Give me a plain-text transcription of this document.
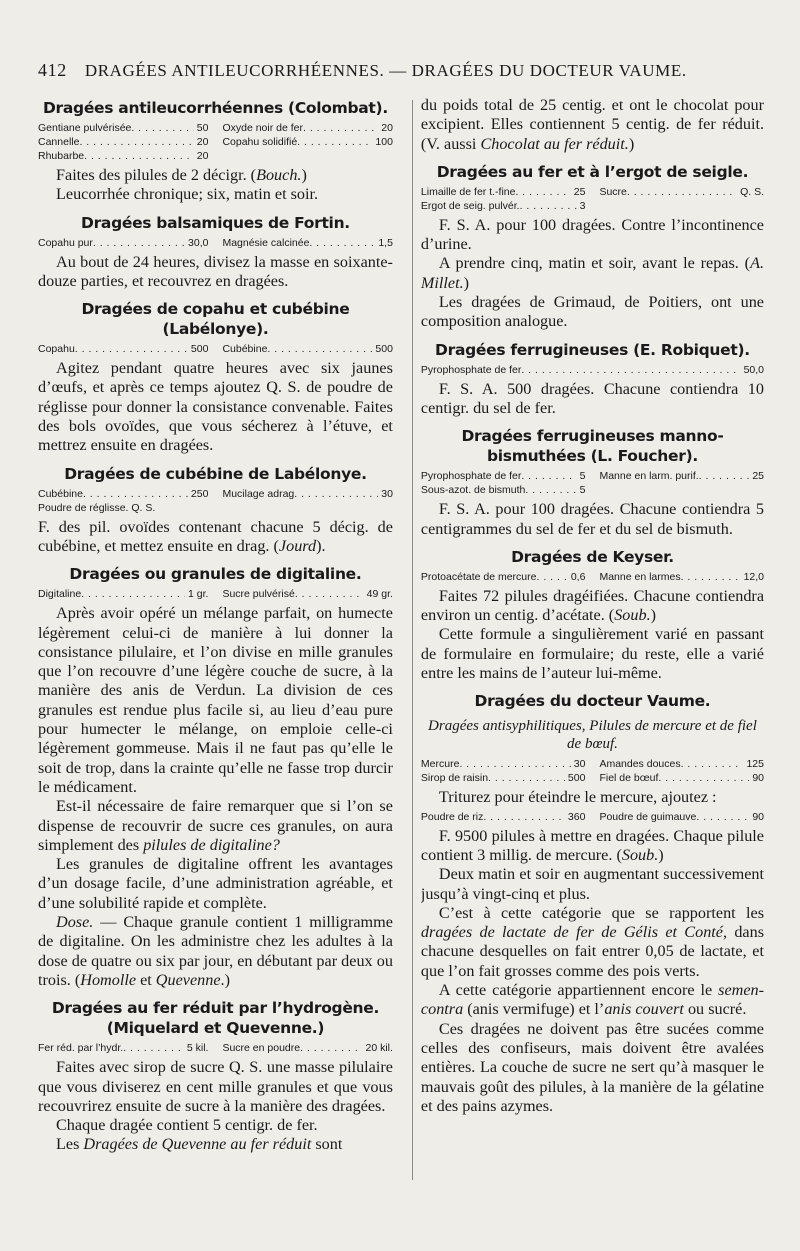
412 DRAGÉES ANTILEUCORRHÉENNES. — DRAGÉES DU DOCTEUR VAUME.
Dragées antileucorrhéennes (Colombat).
Gentiane pulvérisée . . .	50 Oxyde noir de fer . . .	20
Cannelle . . .	20 Copahu solidifié . . .	100
Rhubarbe . . .	20

Faites des pilules de 2 décigr. (Bouch.)

Leucorrhée chronique; six, matin et soir.

Dragées balsamiques de Fortin.
Copahu pur . . .	30,0 Magnésie calcinée . . .	1,5

Au bout de 24 heures, divisez la masse en soixante-douze parties, et recouvrez en dragées.

Dragées de copahu et cubébine (Labélonye).
Copahu . . .	500 Cubébine . . .	500

Agitez pendant quatre heures avec six jaunes d’œufs, et après ce temps ajoutez Q. S. de poudre de réglisse pour donner la consistance convenable. Faites des bols ovoïdes, que vous sécherez à l’étuve, et mettrez ensuite en dragées.

Dragées de cubébine de Labélonye.
Cubébine . . .	250 Mucilage adrag . . .	30
Poudre de réglisse. Q. S.

F. des pil. ovoïdes contenant chacune 5 décig. de cubébine, et mettez ensuite en drag. (Jourd).

Dragées ou granules de digitaline.
Digitaline . . .	1 gr. Sucre pulvérisé . . .	49 gr.

Après avoir opéré un mélange parfait, on humecte légèrement celui-ci de manière à lui donner la consistance pilulaire, et l’on divise en mille granules que l’on recouvre d’une légère couche de sucre, à la manière des anis de Verdun. La division de ces granules est rendue plus facile si, au lieu d’eau pure pour humecter le mélange, on emploie celle-ci légèrement gommeuse. Mais il ne faut pas qu’elle le soit de trop, dans la crainte qu’elle ne fasse trop durcir le médicament.

Est-il nécessaire de faire remarquer que si l’on se dispense de recouvrir de sucre ces granules, on aura simplement des pilules de digitaline?

Les granules de digitaline offrent les avantages d’un dosage facile, d’une administration agréable, et d’une solubilité rapide et complète.

Dose. — Chaque granule contient 1 milligramme de digitaline. On les administre chez les adultes à la dose de quatre ou six par jour, en débutant par deux ou trois. (Homolle et Quevenne.)

Dragées au fer réduit par l’hydrogène. (Miquelard et Quevenne.)
Fer réd. par l’hydr. . . .	5 kil. Sucre en poudre . . .	20 kil.

Faites avec sirop de sucre Q. S. une masse pilulaire que vous diviserez en cent mille granules et que vous recouvrirez ensuite de sucre à la manière des dragées.

Chaque dragée contient 5 centigr. de fer.

Les Dragées de Quevenne au fer réduit sont

du poids total de 25 centig. et ont le chocolat pour excipient. Elles contiennent 5 centig. de fer réduit. (V. aussi Chocolat au fer réduit.)

Dragées au fer et à l’ergot de seigle.
Limaille de fer t.-fine . . .	25 Sucre . . .	Q. S.
Ergot de seig. pulvér. . . .	3

F. S. A. pour 100 dragées. Contre l’incontinence d’urine.

A prendre cinq, matin et soir, avant le repas. (A. Millet.)

Les dragées de Grimaud, de Poitiers, ont une composition analogue.

Dragées ferrugineuses (E. Robiquet).
Pyrophosphate de fer . . .	50,0

F. S. A. 500 dragées. Chacune contiendra 10 centigr. du sel de fer.

Dragées ferrugineuses manno-bismuthées (L. Foucher).
Pyrophosphate de fer . . .	5 Manne en larm. purif. . . .	25
Sous-azot. de bismuth . . .	5

F. S. A. pour 100 dragées. Chacune contiendra 5 centigrammes du sel de fer et du sel de bismuth.

Dragées de Keyser.
Protoacétate de mercure . . .	0,6 Manne en larmes . . .	12,0

Faites 72 pilules dragéifiées. Chacune contiendra environ un centig. d’acétate. (Soub.)

Cette formule a singulièrement varié en passant de formulaire en formulaire; du reste, elle a varié entre les mains de l’auteur lui-même.

Dragées du docteur Vaume.
Dragées antisyphilitiques, Pilules de mercure et de fiel de bœuf.
Mercure . . .	30 Amandes douces . . .	125
Sirop de raisin . . .	500 Fiel de bœuf . . .	90

Triturez pour éteindre le mercure, ajoutez :

Poudre de riz . . .	360 Poudre de guimauve . . .	90

F. 9500 pilules à mettre en dragées. Chaque pilule contient 3 millig. de mercure. (Soub.)

Deux matin et soir en augmentant successivement jusqu’à vingt-cinq et plus.

C’est à cette catégorie que se rapportent les dragées de lactate de fer de Gélis et Conté, dans chacune desquelles on fait entrer 0,05 de lactate, et que l’on fait grosses comme des pois verts.

A cette catégorie appartiennent encore le semen-contra (anis vermifuge) et l’anis couvert ou sucré.

Ces dragées ne doivent pas être sucées comme celles des confiseurs, mais doivent être avalées entières. La couche de sucre ne sert qu’à masquer le mauvais goût des pilules, à la manière de la gélatine et des pains azymes.
